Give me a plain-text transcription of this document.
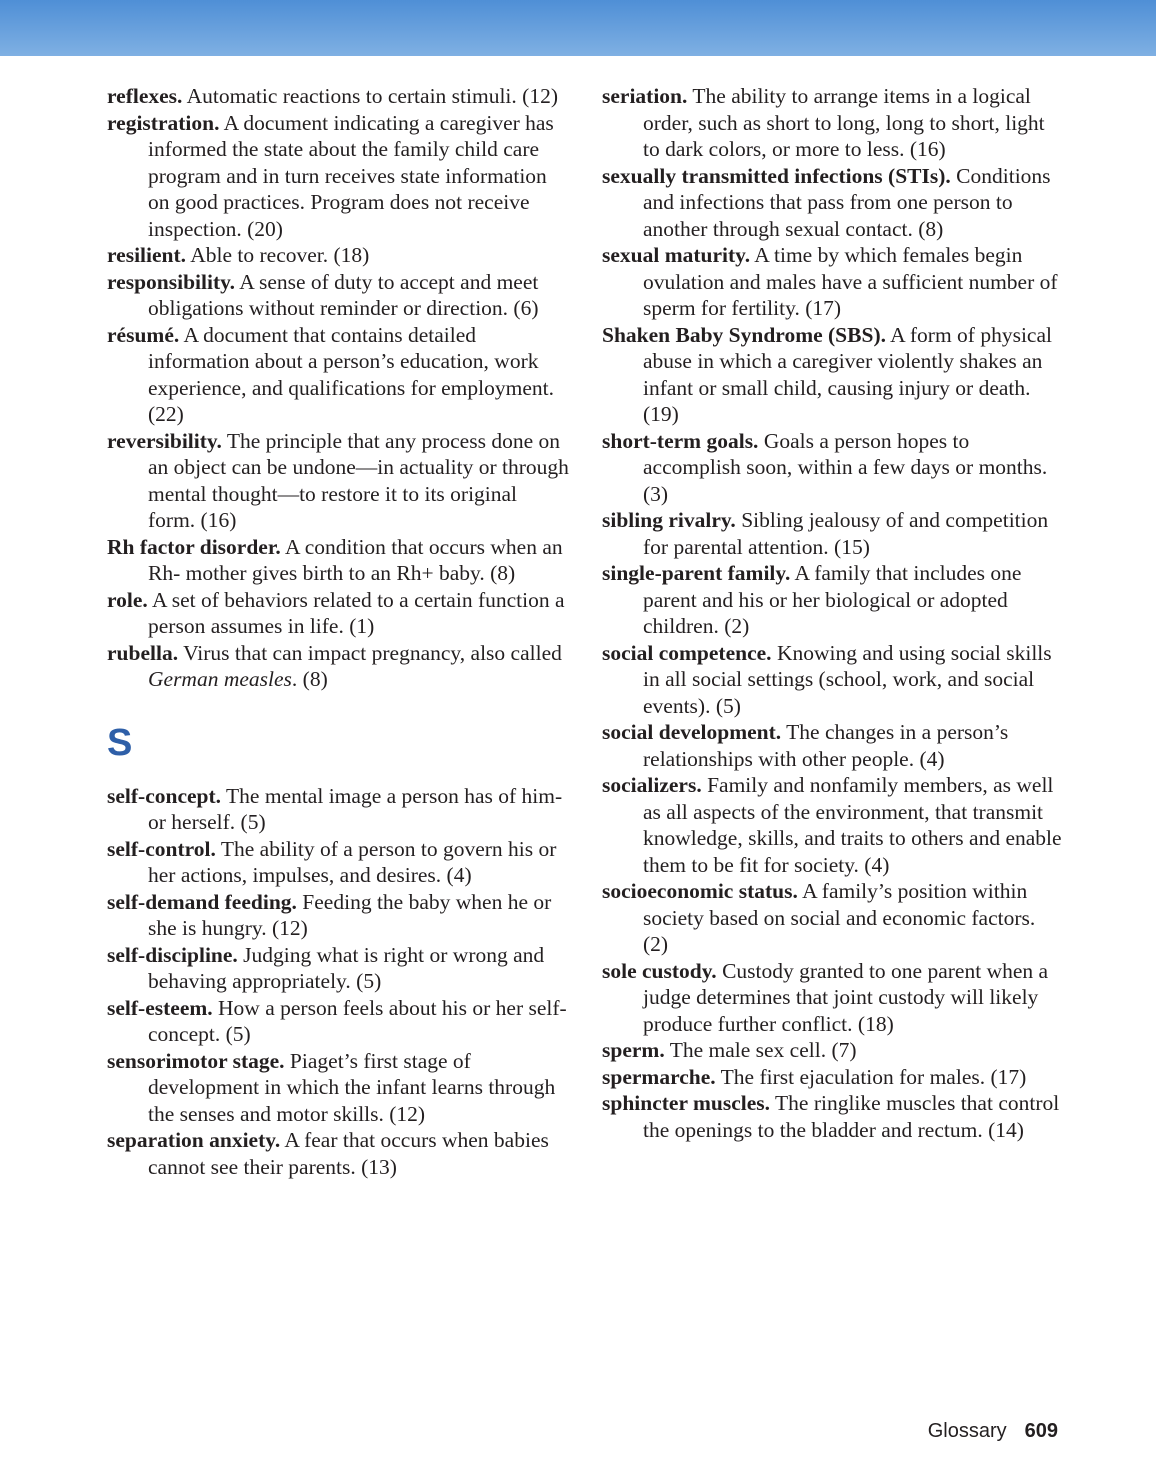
reflexes. Automatic reactions to certain stimuli. (12)

registration. A document indicating a caregiver has informed the state about the family child care program and in turn receives state information on good practices. Program does not receive inspection. (20)

resilient. Able to recover. (18)

responsibility. A sense of duty to accept and meet obligations without reminder or direction. (6)

résumé. A document that contains detailed information about a person’s education, work experience, and qualifications for employment. (22)

reversibility. The principle that any process done on an object can be undone—in actuality or through mental thought—to restore it to its original form. (16)

Rh factor disorder. A condition that occurs when an Rh- mother gives birth to an Rh+ baby. (8)

role. A set of behaviors related to a certain function a person assumes in life. (1)

rubella. Virus that can impact pregnancy, also called German measles. (8)

S

self-concept. The mental image a person has of him- or herself. (5)

self-control. The ability of a person to govern his or her actions, impulses, and desires. (4)

self-demand feeding. Feeding the baby when he or she is hungry. (12)

self-discipline. Judging what is right or wrong and behaving appropriately. (5)

self-esteem. How a person feels about his or her self-concept. (5)

sensorimotor stage. Piaget’s first stage of development in which the infant learns through the senses and motor skills. (12)

separation anxiety. A fear that occurs when babies cannot see their parents. (13)

seriation. The ability to arrange items in a logical order, such as short to long, long to short, light to dark colors, or more to less. (16)

sexually transmitted infections (STIs). Conditions and infections that pass from one person to another through sexual contact. (8)

sexual maturity. A time by which females begin ovulation and males have a sufficient number of sperm for fertility. (17)

Shaken Baby Syndrome (SBS). A form of physical abuse in which a caregiver violently shakes an infant or small child, causing injury or death. (19)

short-term goals. Goals a person hopes to accomplish soon, within a few days or months. (3)

sibling rivalry. Sibling jealousy of and competition for parental attention. (15)

single-parent family. A family that includes one parent and his or her biological or adopted children. (2)

social competence. Knowing and using social skills in all social settings (school, work, and social events). (5)

social development. The changes in a person’s relationships with other people. (4)

socializers. Family and nonfamily members, as well as all aspects of the environment, that transmit knowledge, skills, and traits to others and enable them to be fit for society. (4)

socioeconomic status. A family’s position within society based on social and economic factors. (2)

sole custody. Custody granted to one parent when a judge determines that joint custody will likely produce further conflict. (18)

sperm. The male sex cell. (7)

spermarche. The first ejaculation for males. (17)

sphincter muscles. The ringlike muscles that control the openings to the bladder and rectum. (14)

Glossary 609
